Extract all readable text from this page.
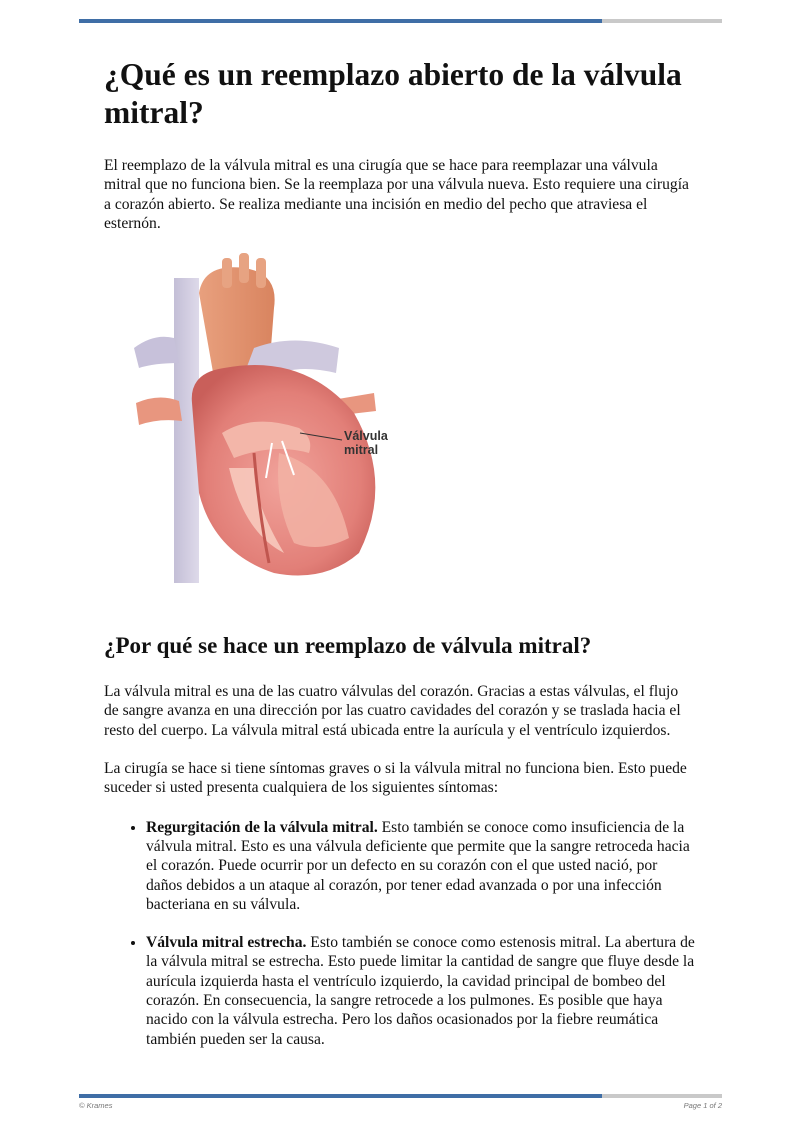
¿Qué es un reemplazo abierto de la válvula mitral?

El reemplazo de la válvula mitral es una cirugía que se hace para reemplazar una válvula mitral que no funciona bien. Se la reemplaza por una válvula nueva. Esto requiere una cirugía a corazón abierto. Se realiza mediante una incisión en medio del pecho que atraviesa el esternón.

Válvula
mitral
¿Por qué se hace un reemplazo de válvula mitral?

La válvula mitral es una de las cuatro válvulas del corazón. Gracias a estas válvulas, el flujo de sangre avanza en una dirección por las cuatro cavidades del corazón y se traslada hacia el resto del cuerpo. La válvula mitral está ubicada entre la aurícula y el ventrículo izquierdos.

La cirugía se hace si tiene síntomas graves o si la válvula mitral no funciona bien. Esto puede suceder si usted presenta cualquiera de los siguientes síntomas:

• Regurgitación de la válvula mitral. Esto también se conoce como insuficiencia de la válvula mitral. Esto es una válvula deficiente que permite que la sangre retroceda hacia el corazón. Puede ocurrir por un defecto en su corazón con el que usted nació, por daños debidos a un ataque al corazón, por tener edad avanzada o por una infección bacteriana en su válvula.
• Válvula mitral estrecha. Esto también se conoce como estenosis mitral. La abertura de la válvula mitral se estrecha. Esto puede limitar la cantidad de sangre que fluye desde la aurícula izquierda hasta el ventrículo izquierdo, la cavidad principal de bombeo del corazón. En consecuencia, la sangre retrocede a los pulmones. Es posible que haya nacido con la válvula estrecha. Pero los daños ocasionados por la fiebre reumática también pueden ser la causa.
© Krames	Page 1 of 2
